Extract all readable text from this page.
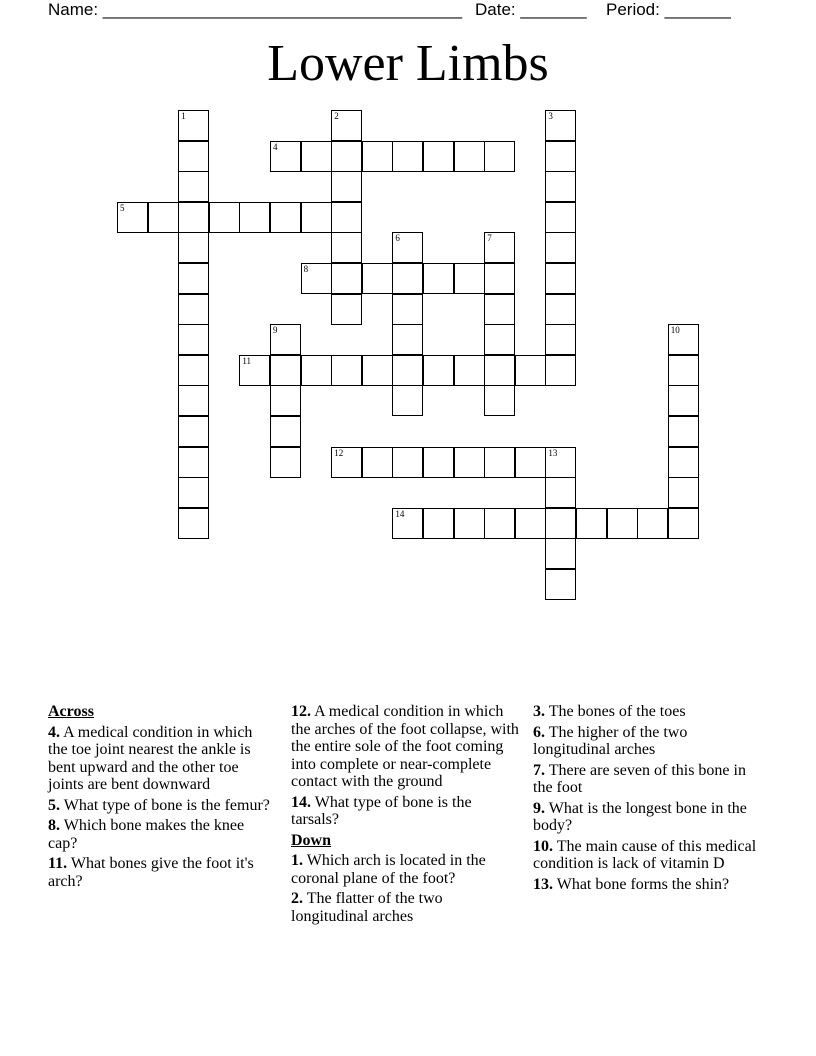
Name: ______________________________________ Date: _______ Period: _______
Lower Limbs
1	2	3
4
5
6	7
8
9	10
11
12	13
14
Across
4. A medical condition in which the toe joint nearest the ankle is bent upward and the other toe joints are bent downward
5. What type of bone is the femur?
8. Which bone makes the knee cap?
11. What bones give the foot it's arch?
12. A medical condition in which the arches of the foot collapse, with the entire sole of the foot coming into complete or near-complete contact with the ground
14. What type of bone is the tarsals?
Down
1. Which arch is located in the coronal plane of the foot?
2. The flatter of the two longitudinal arches
3. The bones of the toes
6. The higher of the two longitudinal arches
7. There are seven of this bone in the foot
9. What is the longest bone in the body?
10. The main cause of this medical condition is lack of vitamin D
13. What bone forms the shin?
